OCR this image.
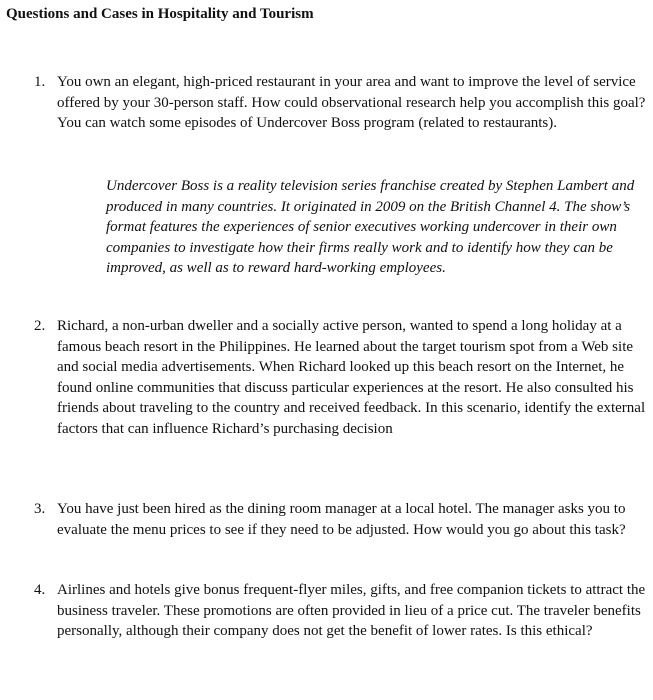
Questions and Cases in Hospitality and Tourism
1. You own an elegant, high-priced restaurant in your area and want to improve the level of service offered by your 30-person staff. How could observational research help you accomplish this goal? You can watch some episodes of Undercover Boss program (related to restaurants).
Undercover Boss is a reality television series franchise created by Stephen Lambert and produced in many countries. It originated in 2009 on the British Channel 4. The show’s format features the experiences of senior executives working undercover in their own companies to investigate how their firms really work and to identify how they can be improved, as well as to reward hard-working employees.
2. Richard, a non-urban dweller and a socially active person, wanted to spend a long holiday at a famous beach resort in the Philippines. He learned about the target tourism spot from a Web site and social media advertisements. When Richard looked up this beach resort on the Internet, he found online communities that discuss particular experiences at the resort. He also consulted his friends about traveling to the country and received feedback. In this scenario, identify the external factors that can influence Richard’s purchasing decision
3. You have just been hired as the dining room manager at a local hotel. The manager asks you to evaluate the menu prices to see if they need to be adjusted. How would you go about this task?
4. Airlines and hotels give bonus frequent-flyer miles, gifts, and free companion tickets to attract the business traveler. These promotions are often provided in lieu of a price cut. The traveler benefits personally, although their company does not get the benefit of lower rates. Is this ethical?
